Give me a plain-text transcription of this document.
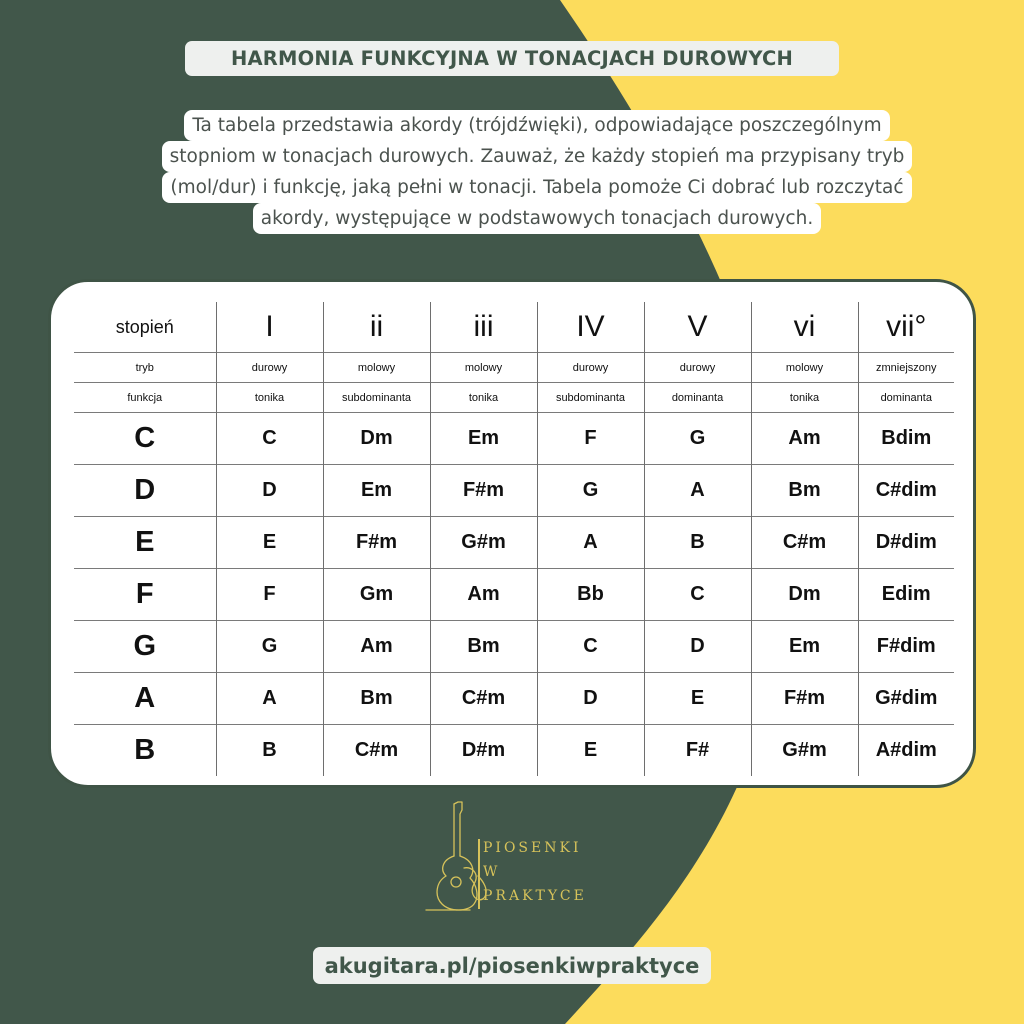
HARMONIA FUNKCYJNA W TONACJACH DUROWYCH
Ta tabela przedstawia akordy (trójdźwięki), odpowiadające poszczególnym
stopniom w tonacjach durowych. Zauważ, że każdy stopień ma przypisany tryb
(mol/dur) i funkcję, jaką pełni w tonacji. Tabela pomoże Ci dobrać lub rozczytać
akordy, występujące w podstawowych tonacjach durowych.
stopień	I	ii	iii	IV	V	vi	vii°
tryb	durowy	molowy	molowy	durowy	durowy	molowy	zmniejszony
funkcja	tonika	subdominanta	tonika	subdominanta	dominanta	tonika	dominanta
C	C	Dm	Em	F	G	Am	Bdim
D	D	Em	F#m	G	A	Bm	C#dim
E	E	F#m	G#m	A	B	C#m	D#dim
F	F	Gm	Am	Bb	C	Dm	Edim
G	G	Am	Bm	C	D	Em	F#dim
A	A	Bm	C#m	D	E	F#m	G#dim
B	B	C#m	D#m	E	F#	G#m	A#dim
PIOSENKI
W
PRAKTYCE
akugitara.pl/piosenkiwpraktyce
